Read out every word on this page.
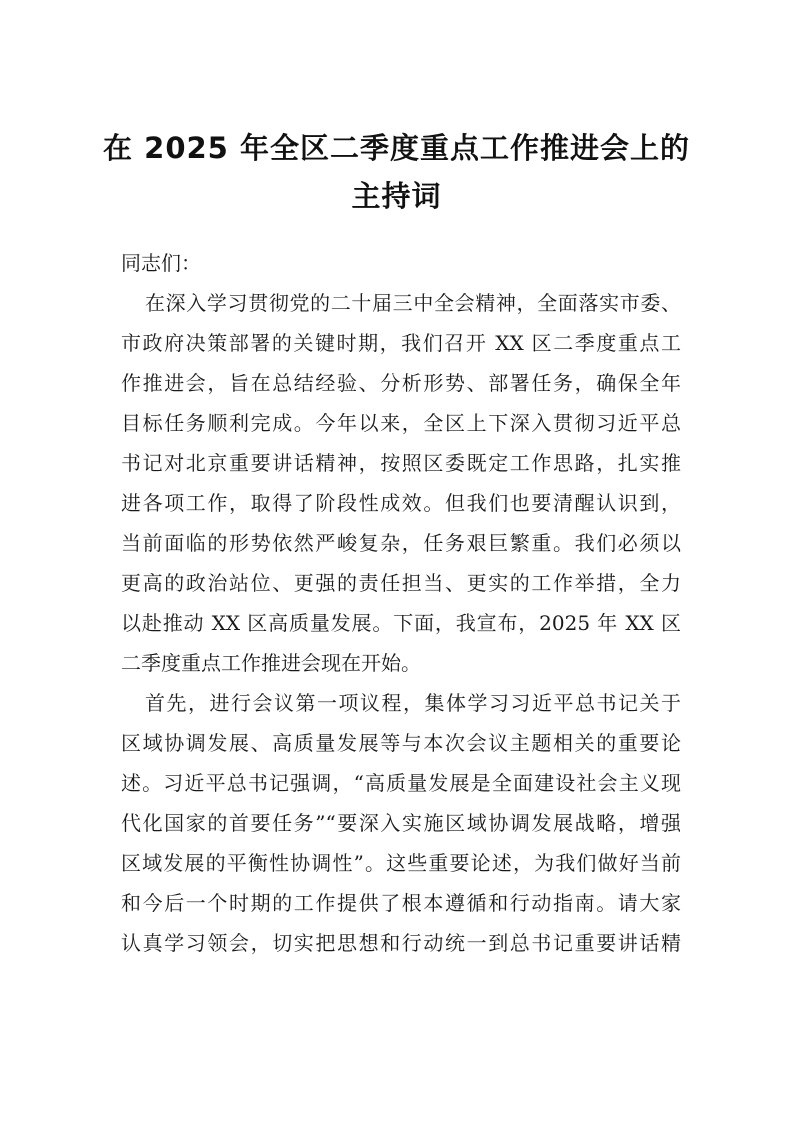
在 2025 年全区二季度重点工作推进会上的
主持词
同志们：
在深入学习贯彻党的二十届三中全会精神，全面落实市委、
市政府决策部署的关键时期，我们召开 XX 区二季度重点工
作推进会，旨在总结经验、分析形势、部署任务，确保全年
目标任务顺利完成。今年以来，全区上下深入贯彻习近平总
书记对北京重要讲话精神，按照区委既定工作思路，扎实推
进各项工作，取得了阶段性成效。但我们也要清醒认识到，
当前面临的形势依然严峻复杂，任务艰巨繁重。我们必须以
更高的政治站位、更强的责任担当、更实的工作举措，全力
以赴推动 XX 区高质量发展。下面，我宣布，2025 年 XX 区
二季度重点工作推进会现在开始。
首先，进行会议第一项议程，集体学习习近平总书记关于
区域协调发展、高质量发展等与本次会议主题相关的重要论
述。习近平总书记强调，“高质量发展是全面建设社会主义现
代化国家的首要任务”“要深入实施区域协调发展战略，增强
区域发展的平衡性协调性”。这些重要论述，为我们做好当前
和今后一个时期的工作提供了根本遵循和行动指南。请大家
认真学习领会，切实把思想和行动统一到总书记重要讲话精
